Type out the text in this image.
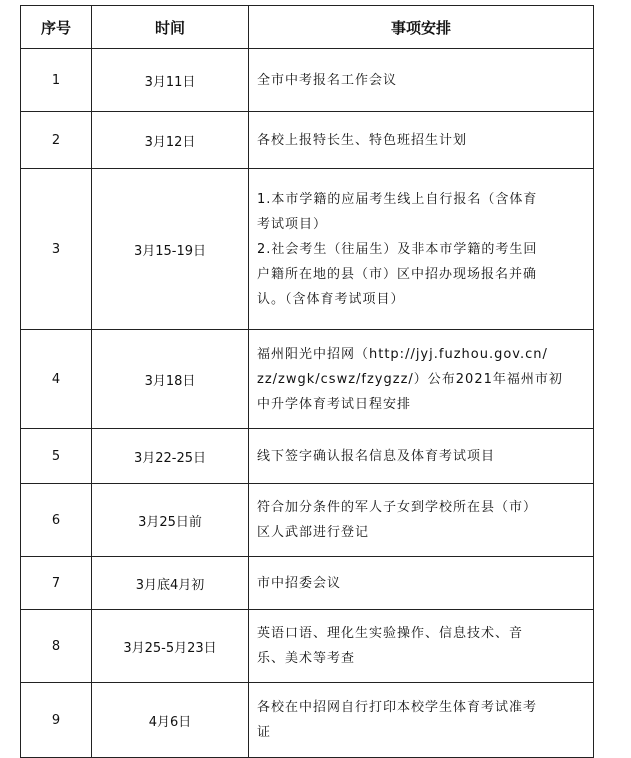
序号	时间	事项安排
1	3月11日	全市中考报名工作会议

2	3月12日	各校上报特长生、特色班招生计划

3	3月15-19日	1.本市学籍的应届考生线上自行报名（含体育
考试项目）
2.社会考生（往届生）及非本市学籍的考生回
户籍所在地的县（市）区中招办现场报名并确
认。（含体育考试项目）

4	3月18日	福州阳光中招网（http://jyj.fuzhou.gov.cn/
zz/zwgk/cswz/fzygzz/）公布2021年福州市初
中升学体育考试日程安排

5	3月22-25日	线下签字确认报名信息及体育考试项目

6	3月25日前	符合加分条件的军人子女到学校所在县（市）
区人武部进行登记

7	3月底4月初	市中招委会议

8	3月25-5月23日	英语口语、理化生实验操作、信息技术、音
乐、美术等考查

9	4月6日	各校在中招网自行打印本校学生体育考试准考
证
